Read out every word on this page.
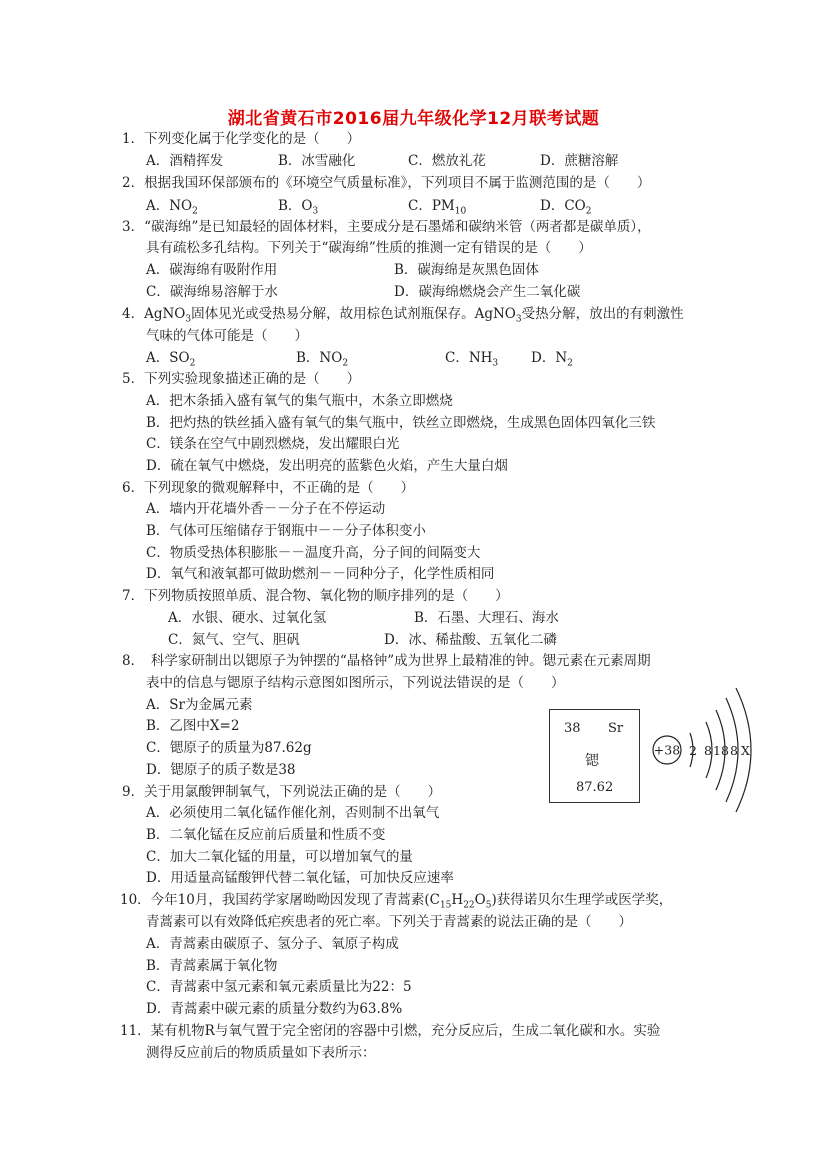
湖北省黄石市2016届九年级化学12月联考试题
1．下列变化属于化学变化的是（　　）
A．酒精挥发	B．冰雪融化	C．燃放礼花	D．蔗糖溶解
2．根据我国环保部颁布的《环境空气质量标准》，下列项目不属于监测范围的是（　　）
A．$NO_2$	B．$O_3$	C．$PM_{10}$	D．$CO_2$
3．“碳海绵”是已知最轻的固体材料，主要成分是石墨烯和碳纳米管（两者都是碳单质），
具有疏松多孔结构。下列关于“碳海绵”性质的推测一定有错误的是（　　）
A．碳海绵有吸附作用	B．碳海绵是灰黑色固体
C．碳海绵易溶解于水	D．碳海绵燃烧会产生二氧化碳
4．AgNO$_3$固体见光或受热易分解，故用棕色试剂瓶保存。AgNO$_3$受热分解，放出的有刺激性
气味的气体可能是（　　）
A．$SO_2$	B．$NO_2$	C．$NH_3$ D．$N_2$
5．下列实验现象描述正确的是（　　）
A．把木条插入盛有氧气的集气瓶中，木条立即燃烧
B．把灼热的铁丝插入盛有氧气的集气瓶中，铁丝立即燃烧，生成黑色固体四氧化三铁
C．镁条在空气中剧烈燃烧，发出耀眼白光
D．硫在氧气中燃烧，发出明亮的蓝紫色火焰，产生大量白烟
6．下列现象的微观解释中，不正确的是（　　）
A．墙内开花墙外香－－分子在不停运动
B．气体可压缩储存于钢瓶中－－分子体积变小
C．物质受热体积膨胀－－温度升高，分子间的间隔变大
D．氧气和液氧都可做助燃剂－－同种分子，化学性质相同
7．下列物质按照单质、混合物、氧化物的顺序排列的是（　　）
A．水银、硬水、过氧化氢	B．石墨、大理石、海水
C．氮气、空气、胆矾	D．冰、稀盐酸、五氧化二磷
8．　科学家研制出以锶原子为钟摆的“晶格钟”成为世界上最精准的钟。锶元素在元素周期
表中的信息与锶原子结构示意图如图所示，下列说法错误的是（　　）
A．Sr为金属元素
B．乙图中X=2
C．锶原子的质量为87.62g
D．锶原子的质子数是38
38 Sr
锶
87.62
+38 2 8 18 8 X
9．关于用氯酸钾制氧气，下列说法正确的是（　　）
A．必须使用二氧化锰作催化剂，否则制不出氧气
B．二氧化锰在反应前后质量和性质不变
C．加大二氧化锰的用量，可以增加氧气的量
D．用适量高锰酸钾代替二氧化锰，可加快反应速率
10．今年10月，我国药学家屠呦呦因发现了青蒿素$(C_{15}H_{22}O_5)$获得诺贝尔生理学或医学奖，
青蒿素可以有效降低疟疾患者的死亡率。下列关于青蒿素的说法正确的是（　　）
A．青蒿素由碳原子、氢分子、氧原子构成
B．青蒿素属于氧化物
C．青蒿素中氢元素和氧元素质量比为22：5
D．青蒿素中碳元素的质量分数约为63.8%
11．某有机物R与氧气置于完全密闭的容器中引燃，充分反应后，生成二氧化碳和水。实验
测得反应前后的物质质量如下表所示：
